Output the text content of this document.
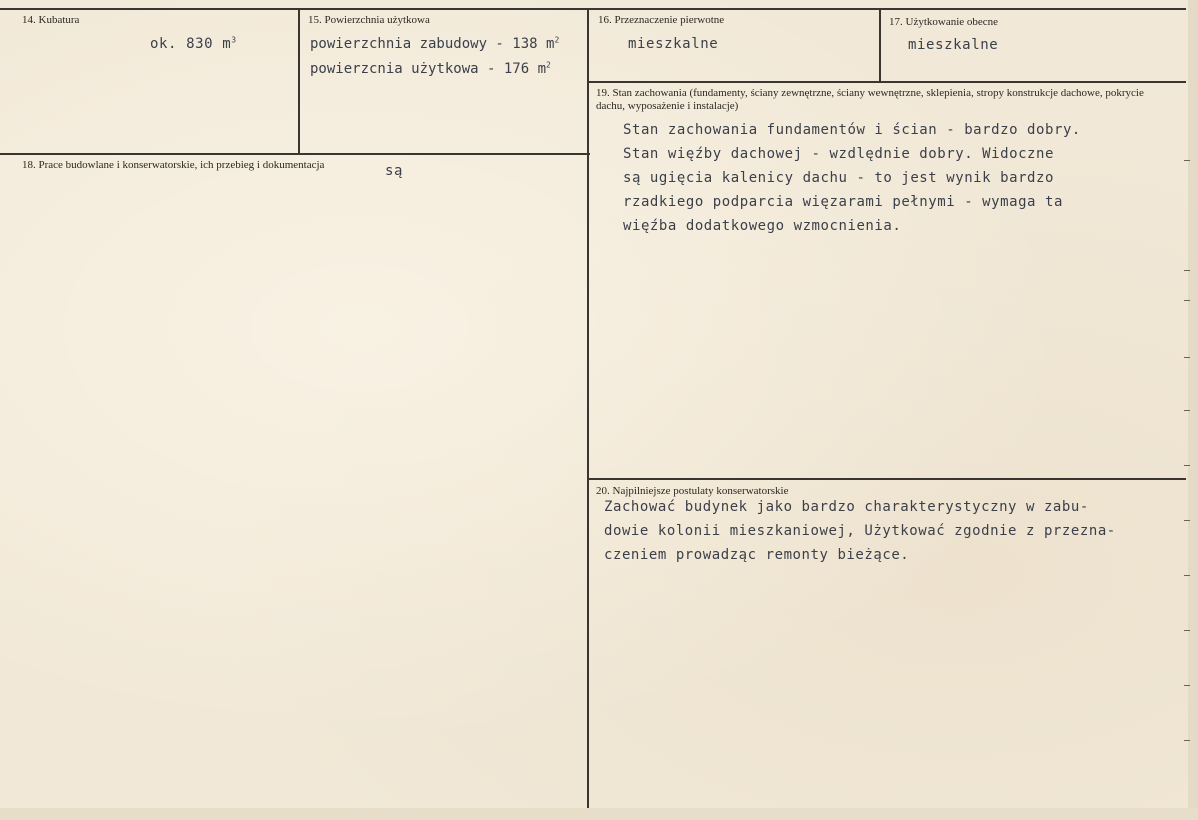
14. Kubatura
ok. 830 $m^3$
15. Powierzchnia użytkowa
powierzchnia zabudowy - 138 $m^2$
powierzcnia użytkowa - 176 $m^2$
16. Przeznaczenie pierwotne
mieszkalne
17. Użytkowanie obecne
mieszkalne
18. Prace budowlane i konserwatorskie, ich przebieg i dokumentacja	są
19. Stan zachowania (fundamenty, ściany zewnętrzne, ściany wewnętrzne, sklepienia, stropy konstrukcje dachowe, pokrycie dachu, wyposażenie i instalacje)
Stan zachowania fundamentów i ścian - bardzo dobry.
Stan więźby dachowej - wzdlędnie dobry. Widoczne
są ugięcia kalenicy dachu - to jest wynik bardzo
rzadkiego podparcia więzarami pełnymi - wymaga ta
więźba dodatkowego wzmocnienia.
20. Najpilniejsze postulaty konserwatorskie
Zachować budynek jako bardzo charakterystyczny w zabu-
dowie kolonii mieszkaniowej, Użytkować zgodnie z przezna-
czeniem prowadząc remonty bieżące.
